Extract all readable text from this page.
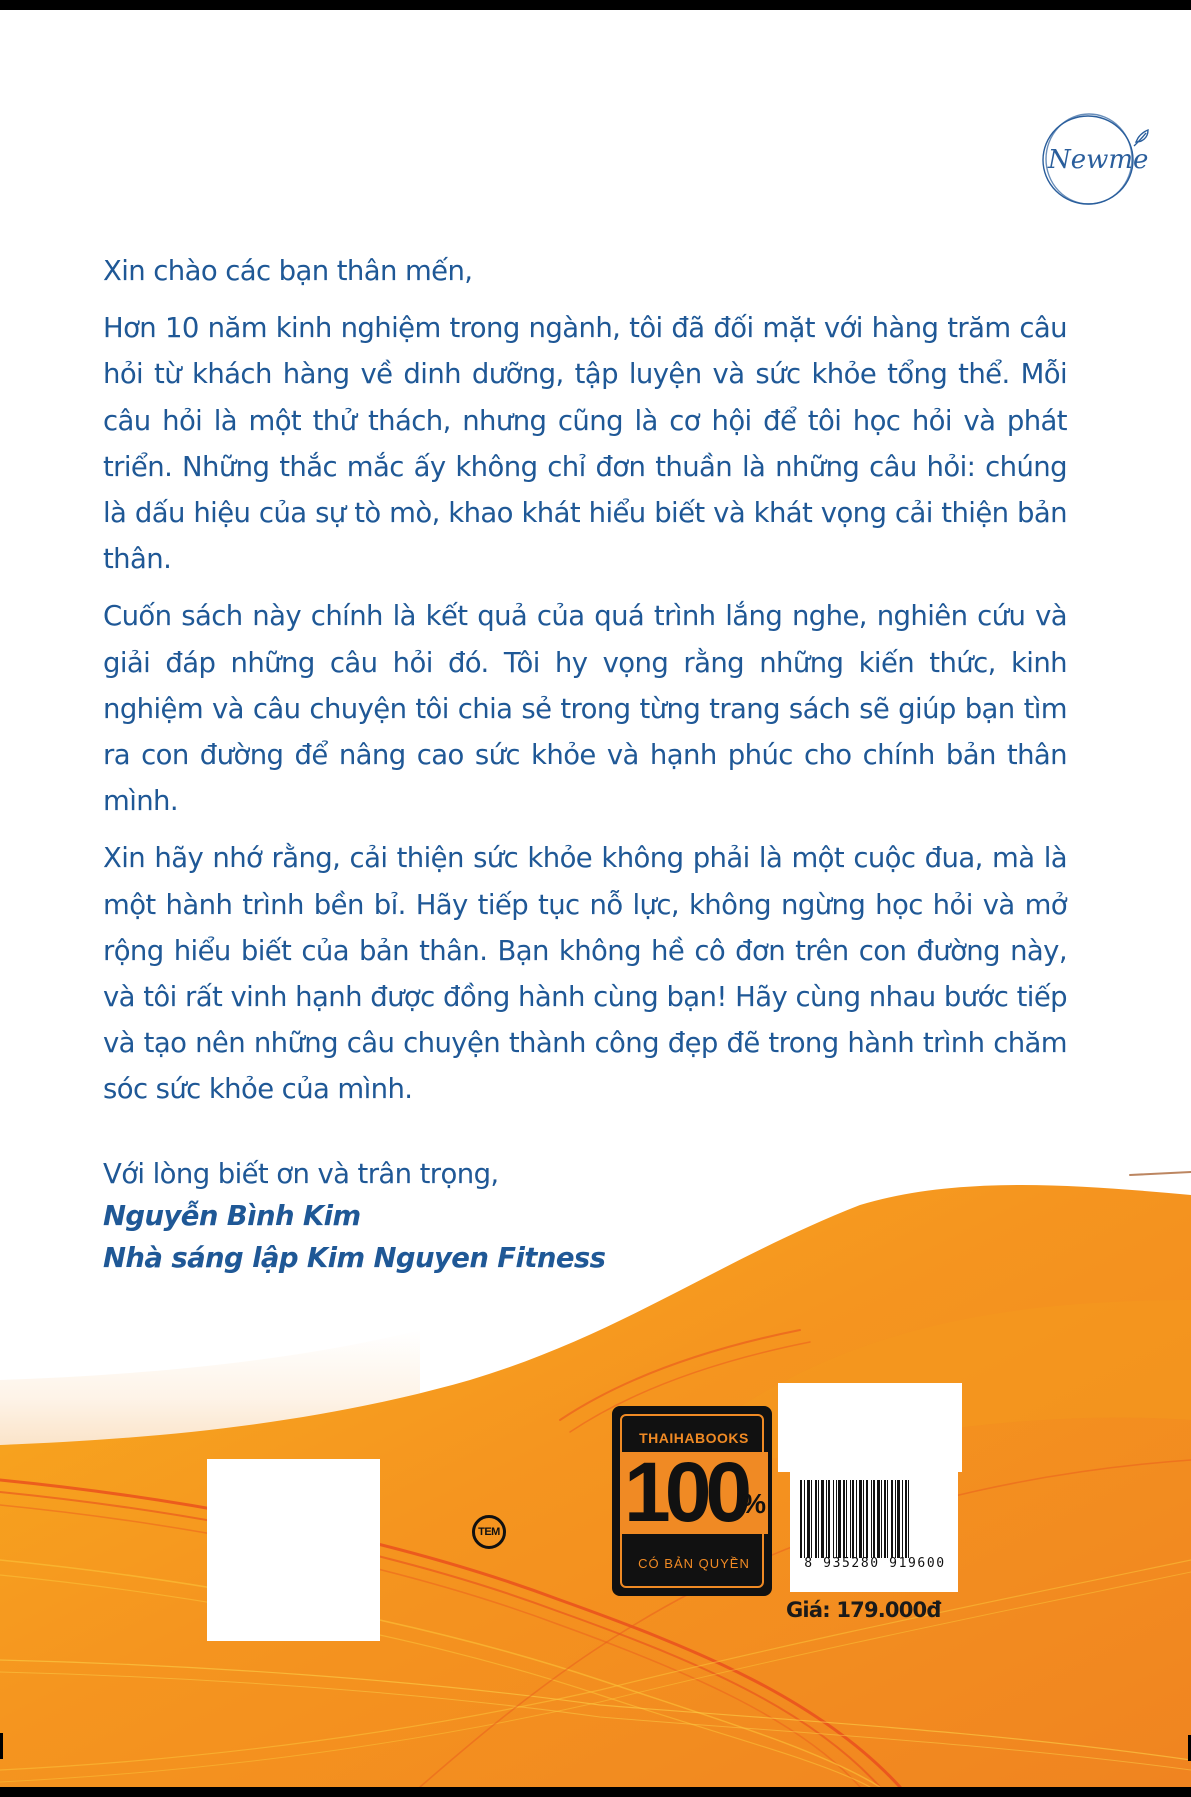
Newme

Xin chào các bạn thân mến,

Hơn 10 năm kinh nghiệm trong ngành, tôi đã đối mặt với hàng trăm câu hỏi từ khách hàng về dinh dưỡng, tập luyện và sức khỏe tổng thể. Mỗi câu hỏi là một thử thách, nhưng cũng là cơ hội để tôi học hỏi và phát triển. Những thắc mắc ấy không chỉ đơn thuần là những câu hỏi: chúng là dấu hiệu của sự tò mò, khao khát hiểu biết và khát vọng cải thiện bản thân.

Cuốn sách này chính là kết quả của quá trình lắng nghe, nghiên cứu và giải đáp những câu hỏi đó. Tôi hy vọng rằng những kiến thức, kinh nghiệm và câu chuyện tôi chia sẻ trong từng trang sách sẽ giúp bạn tìm ra con đường để nâng cao sức khỏe và hạnh phúc cho chính bản thân mình.

Xin hãy nhớ rằng, cải thiện sức khỏe không phải là một cuộc đua, mà là một hành trình bền bỉ. Hãy tiếp tục nỗ lực, không ngừng học hỏi và mở rộng hiểu biết của bản thân. Bạn không hề cô đơn trên con đường này, và tôi rất vinh hạnh được đồng hành cùng bạn! Hãy cùng nhau bước tiếp và tạo nên những câu chuyện thành công đẹp đẽ trong hành trình chăm sóc sức khỏe của mình.

Với lòng biết ơn và trân trọng,
Nguyễn Bình Kim
Nhà sáng lập Kim Nguyen Fitness
TEM
THAIHABOOKS
100
%
CÓ BẢN QUYỀN	8 935280 919600
Giá: 179.000đ
